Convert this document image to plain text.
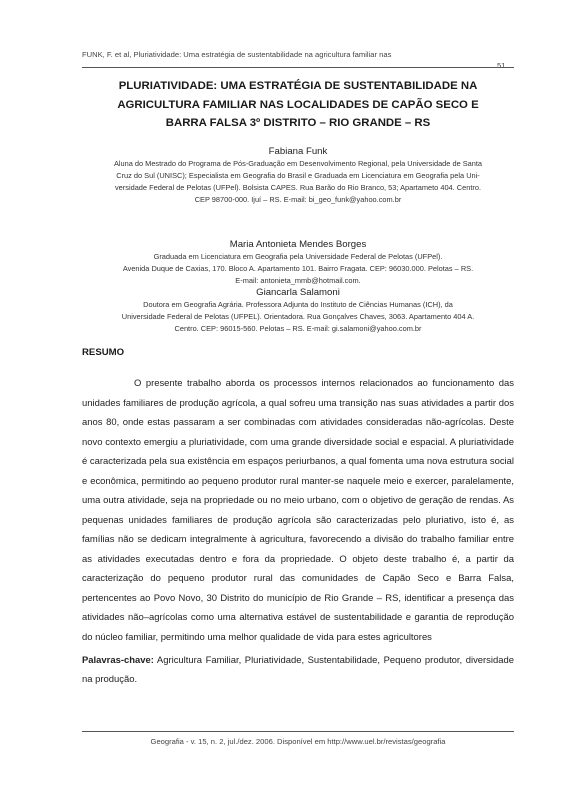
FUNK, F. et al, Pluriatividade: Uma estratégia de sustentabilidade na agricultura familiar nas
51
PLURIATIVIDADE: UMA ESTRATÉGIA DE SUSTENTABILIDADE NA
AGRICULTURA FAMILIAR NAS LOCALIDADES DE CAPÃO SECO E
BARRA FALSA 3º DISTRITO – RIO GRANDE – RS
Fabiana Funk
Aluna do Mestrado do Programa de Pós-Graduação em Desenvolvimento Regional, pela Universidade de Santa
Cruz do Sul (UNISC); Especialista em Geografia do Brasil e Graduada em Licenciatura em Geografia pela Uni-
versidade Federal de Pelotas (UFPel). Bolsista CAPES. Rua Barão do Rio Branco, 53; Apartameto 404. Centro.
CEP 98700-000. Ijuí – RS. E-mail: bi_geo_funk@yahoo.com.br
Maria Antonieta Mendes Borges
Graduada em Licenciatura em Geografia pela Universidade Federal de Pelotas (UFPel).
Avenida Duque de Caxias, 170. Bloco A. Apartamento 101. Bairro Fragata. CEP: 96030.000. Pelotas – RS.
E-mail: antonieta_mmb@hotmail.com.
Giancarla Salamoni
Doutora em Geografia Agrária. Professora Adjunta do Instituto de Ciências Humanas (ICH), da
Universidade Federal de Pelotas (UFPEL). Orientadora. Rua Gonçalves Chaves, 3063. Apartamento 404 A.
Centro. CEP: 96015-560. Pelotas – RS. E-mail: gi.salamoni@yahoo.com.br
RESUMO

O presente trabalho aborda os processos internos relacionados ao funcionamento das unidades familiares de produção agrícola, a qual sofreu uma transição nas suas atividades a partir dos anos 80, onde estas passaram a ser combinadas com atividades consideradas não-agrícolas. Deste novo contexto emergiu a pluriatividade, com uma grande diversidade social e espacial. A pluriatividade é caracterizada pela sua existência em espaços periurbanos, a qual fomenta uma nova estrutura social e econômica, permitindo ao pequeno produtor rural manter-se naquele meio e exercer, paralelamente, uma outra atividade, seja na propriedade ou no meio urbano, com o objetivo de geração de rendas. As pequenas unidades familiares de produção agrícola são caracterizadas pelo pluriativo, isto é, as famílias não se dedicam integralmente à agricultura, favorecendo a divisão do trabalho familiar entre as atividades executadas dentro e fora da propriedade. O objeto deste trabalho é, a partir da caracterização do pequeno produtor rural das comunidades de Capão Seco e Barra Falsa, pertencentes ao Povo Novo, 30 Distrito do município de Rio Grande – RS, identificar a presença das atividades não–agrícolas como uma alternativa estável de sustentabilidade e garantia de reprodução do núcleo familiar, permitindo uma melhor qualidade de vida para estes agricultores

Palavras-chave: Agricultura Familiar, Pluriatividade, Sustentabilidade, Pequeno produtor, diversidade na produção.

Geografia - v. 15, n. 2, jul./dez. 2006. Disponível em http://www.uel.br/revistas/geografia
